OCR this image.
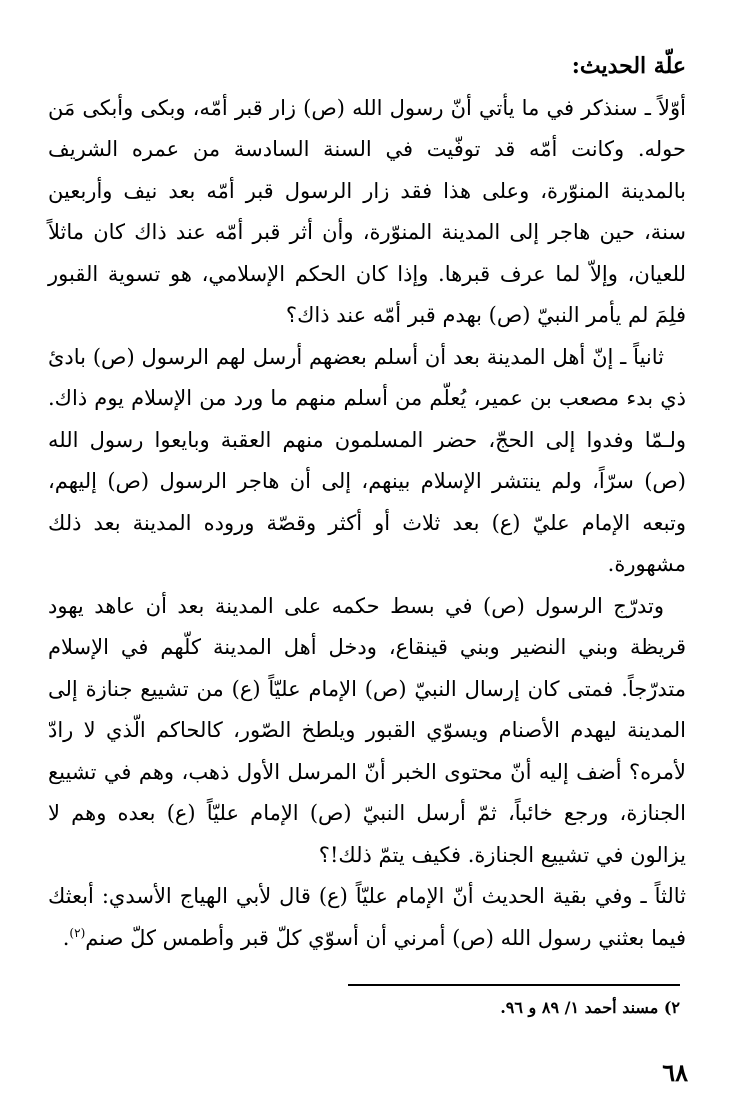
علّة الحديث:

أوّلاً ـ سنذكر في ما يأتي أنّ رسول الله (ص) زار قبر أمّه، وبكى وأبكى مَن حوله. وكانت أمّه قد توفّيت في السنة السادسة من عمره الشريف بالمدينة المنوّرة، وعلى هذا فقد زار الرسول قبر أمّه بعد نيف وأربعين سنة، حين هاجر إلى المدينة المنوّرة، وأن أثر قبر أمّه عند ذاك كان ماثلاً للعيان، وإلاّ لما عرف قبرها. وإذا كان الحكم الإسلامي، هو تسوية القبور فلِمَ لم يأمر النبيّ (ص) بهدم قبر أمّه عند ذاك؟

ثانياً ـ إنّ أهل المدينة بعد أن أسلم بعضهم أرسل لهم الرسول (ص) بادئ ذي بدء مصعب بن عمير، يُعلّم من أسلم منهم ما ورد من الإسلام يوم ذاك. ولـمّا وفدوا إلى الحجّ، حضر المسلمون منهم العقبة وبايعوا رسول الله (ص) سرّاً، ولم ينتشر الإسلام بينهم، إلى أن هاجر الرسول (ص) إليهم، وتبعه الإمام عليّ (ع) بعد ثلاث أو أكثر وقصّة وروده المدينة بعد ذلك مشهورة.

وتدرّج الرسول (ص) في بسط حكمه على المدينة بعد أن عاهد يهود قريظة وبني النضير وبني قينقاع، ودخل أهل المدينة كلّهم في الإسلام متدرّجاً. فمتى كان إرسال النبيّ (ص) الإمام عليّاً (ع) من تشييع جنازة إلى المدينة ليهدم الأصنام ويسوّي القبور ويلطخ الصّور، كالحاكم الّذي لا رادّ لأمره؟ أضف إليه أنّ محتوى الخبر أنّ المرسل الأول ذهب، وهم في تشييع الجنازة، ورجع خائباً، ثمّ أرسل النبيّ (ص) الإمام عليّاً (ع) بعده وهم لا يزالون في تشييع الجنازة. فكيف يتمّ ذلك!؟

ثالثاً ـ وفي بقية الحديث أنّ الإمام عليّاً (ع) قال لأبي الهياج الأسدي: أبعثك فيما بعثني رسول الله (ص) أمرني أن أسوّي كلّ قبر وأطمس كلّ صنم$^{(٢)}$.

٢) مسند أحمد ١/ ٨٩ و ٩٦.
٦٨
